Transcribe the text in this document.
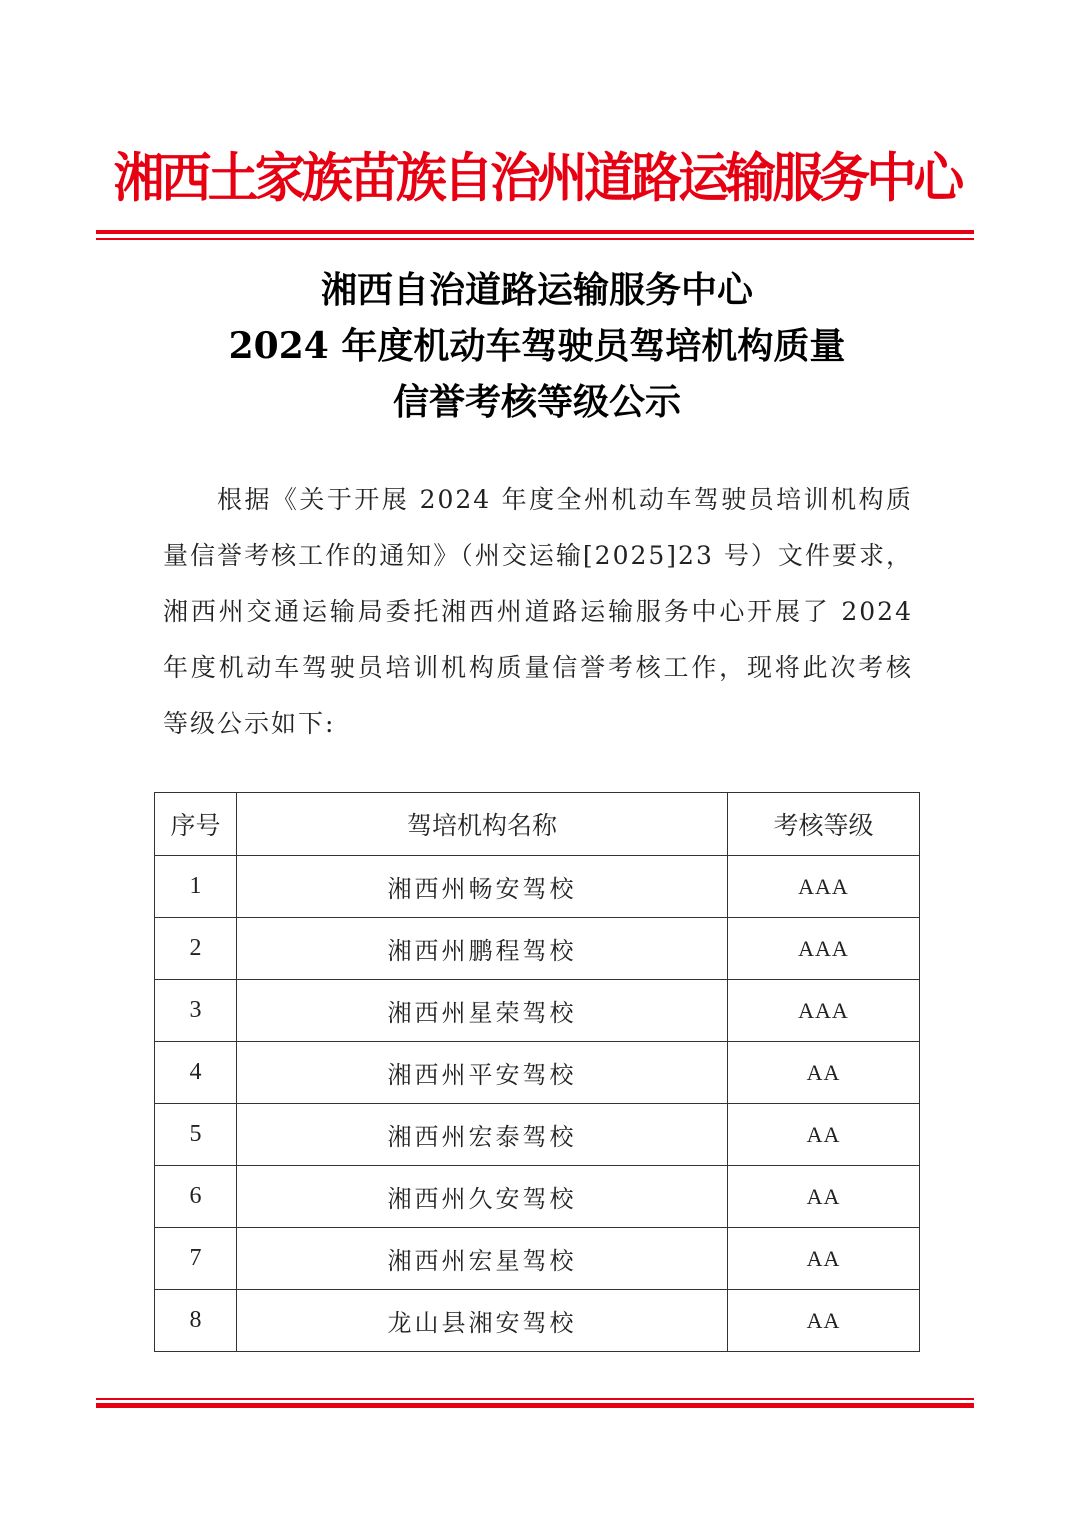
湘西土家族苗族自治州道路运输服务中心
湘西自治道路运输服务中心
2024 年度机动车驾驶员驾培机构质量
信誉考核等级公示
根据《关于开展 2024 年度全州机动车驾驶员培训机构质量信誉考核工作的通知》（州交运输[2025]23 号）文件要求，湘西州交通运输局委托湘西州道路运输服务中心开展了 2024 年度机动车驾驶员培训机构质量信誉考核工作，现将此次考核等级公示如下:
序号	驾培机构名称	考核等级
1	湘西州畅安驾校	AAA
2	湘西州鹏程驾校	AAA
3	湘西州星荣驾校	AAA
4	湘西州平安驾校	AA
5	湘西州宏泰驾校	AA
6	湘西州久安驾校	AA
7	湘西州宏星驾校	AA
8	龙山县湘安驾校	AA
